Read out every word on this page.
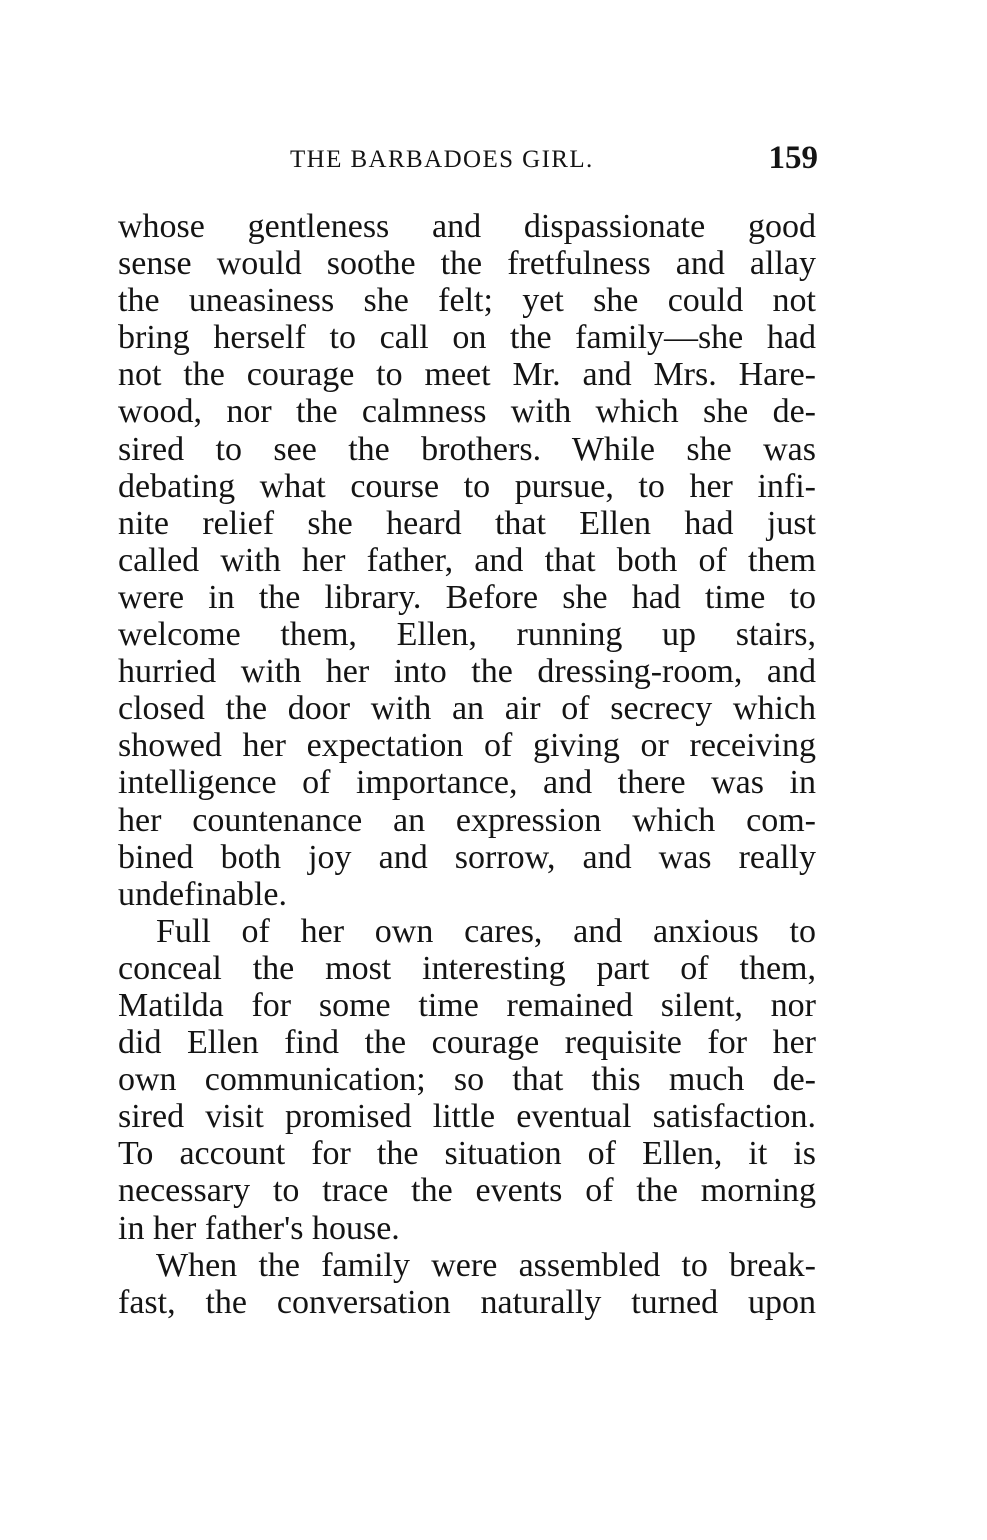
THE BARBADOES GIRL.	159
whose gentleness and dispassionate good
sense would soothe the fretfulness and allay
the uneasiness she felt; yet she could not
bring herself to call on the family—she had
not the courage to meet Mr. and Mrs. Hare-
wood, nor the calmness with which she de-
sired to see the brothers. While she was
debating what course to pursue, to her infi-
nite relief she heard that Ellen had just
called with her father, and that both of them
were in the library. Before she had time to
welcome them, Ellen, running up stairs,
hurried with her into the dressing-room, and
closed the door with an air of secrecy which
showed her expectation of giving or receiving
intelligence of importance, and there was in
her countenance an expression which com-
bined both joy and sorrow, and was really
undefinable.
Full of her own cares, and anxious to
conceal the most interesting part of them,
Matilda for some time remained silent, nor
did Ellen find the courage requisite for her
own communication; so that this much de-
sired visit promised little eventual satisfaction.
To account for the situation of Ellen, it is
necessary to trace the events of the morning
in her father's house.
When the family were assembled to break-
fast, the conversation naturally turned upon
